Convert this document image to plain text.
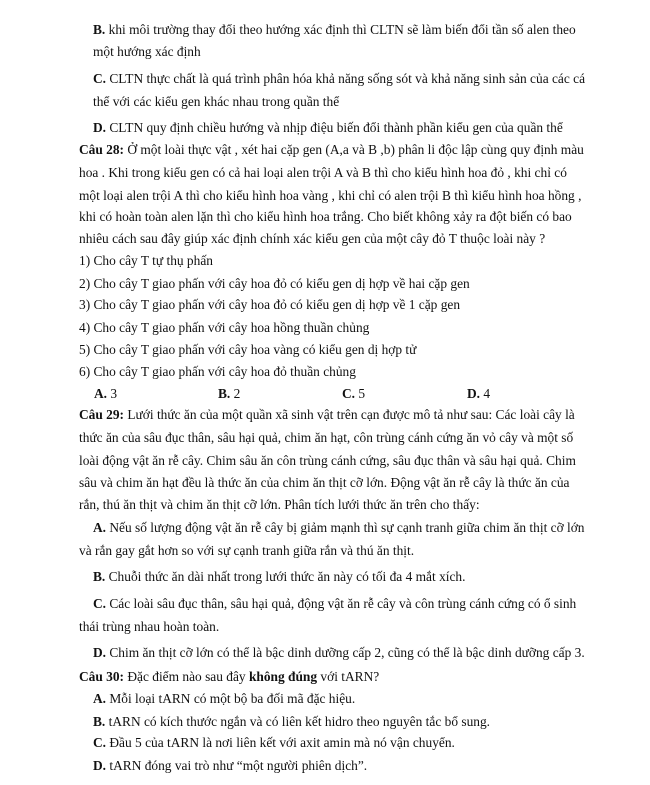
B. khi môi trường thay đổi theo hướng xác định thì CLTN sẽ làm biến đổi tần số alen theo
một hướng xác định
C. CLTN thực chất là quá trình phân hóa khả năng sống sót và khả năng sinh sản của các cá
thể với các kiểu gen khác nhau trong quần thể
D. CLTN quy định chiều hướng và nhịp điệu biến đổi thành phần kiểu gen của quần thể
Câu 28: Ở một loài thực vật , xét hai cặp gen (A,a và B ,b) phân li độc lập cùng quy định màu
hoa . Khi trong kiểu gen có cả hai loại alen trội A và B thì cho kiểu hình hoa đỏ , khi chỉ có
một loại alen trội A thì cho kiểu hình hoa vàng , khi chỉ có alen trội B thì kiểu hình hoa hồng ,
khi có hoàn toàn alen lặn thì cho kiểu hình hoa trắng. Cho biết không xảy ra đột biến có bao
nhiêu cách sau đây giúp xác định chính xác kiểu gen của một cây đỏ T thuộc loài này ?
1) Cho cây T tự thụ phấn
2) Cho cây T giao phấn với cây hoa đỏ có kiểu gen dị hợp về hai cặp gen
3) Cho cây T giao phấn với cây hoa đỏ có kiểu gen dị hợp về 1 cặp gen
4) Cho cây T giao phấn với cây hoa hồng thuần chủng
5) Cho cây T giao phấn với cây hoa vàng có kiểu gen dị hợp tử
6) Cho cây T giao phấn với cây hoa đỏ thuần chủng
A. 3	B. 2	C. 5	D. 4
Câu 29: Lưới thức ăn của một quần xã sinh vật trên cạn được mô tả như sau: Các loài cây là
thức ăn của sâu đục thân, sâu hại quả, chim ăn hạt, côn trùng cánh cứng ăn vỏ cây và một số
loài động vật ăn rễ cây. Chim sâu ăn côn trùng cánh cứng, sâu đục thân và sâu hại quả. Chim
sâu và chim ăn hạt đều là thức ăn của chim ăn thịt cỡ lớn. Động vật ăn rễ cây là thức ăn của
rắn, thú ăn thịt và chim ăn thịt cỡ lớn. Phân tích lưới thức ăn trên cho thấy:
A. Nếu số lượng động vật ăn rễ cây bị giảm mạnh thì sự cạnh tranh giữa chim ăn thịt cỡ lớn
và rắn gay gắt hơn so với sự cạnh tranh giữa rắn và thú ăn thịt.
B. Chuỗi thức ăn dài nhất trong lưới thức ăn này có tối đa 4 mắt xích.
C. Các loài sâu đục thân, sâu hại quả, động vật ăn rễ cây và côn trùng cánh cứng có ổ sinh
thái trùng nhau hoàn toàn.
D. Chim ăn thịt cỡ lớn có thể là bậc dinh dưỡng cấp 2, cũng có thể là bậc dinh dưỡng cấp 3.
Câu 30: Đặc điểm nào sau đây không đúng với tARN?
A. Mỗi loại tARN có một bộ ba đối mã đặc hiệu.
B. tARN có kích thước ngắn và có liên kết hidro theo nguyên tắc bổ sung.
C. Đầu 5 của tARN là nơi liên kết với axit amin mà nó vận chuyển.
D. tARN đóng vai trò như “một người phiên dịch”.
